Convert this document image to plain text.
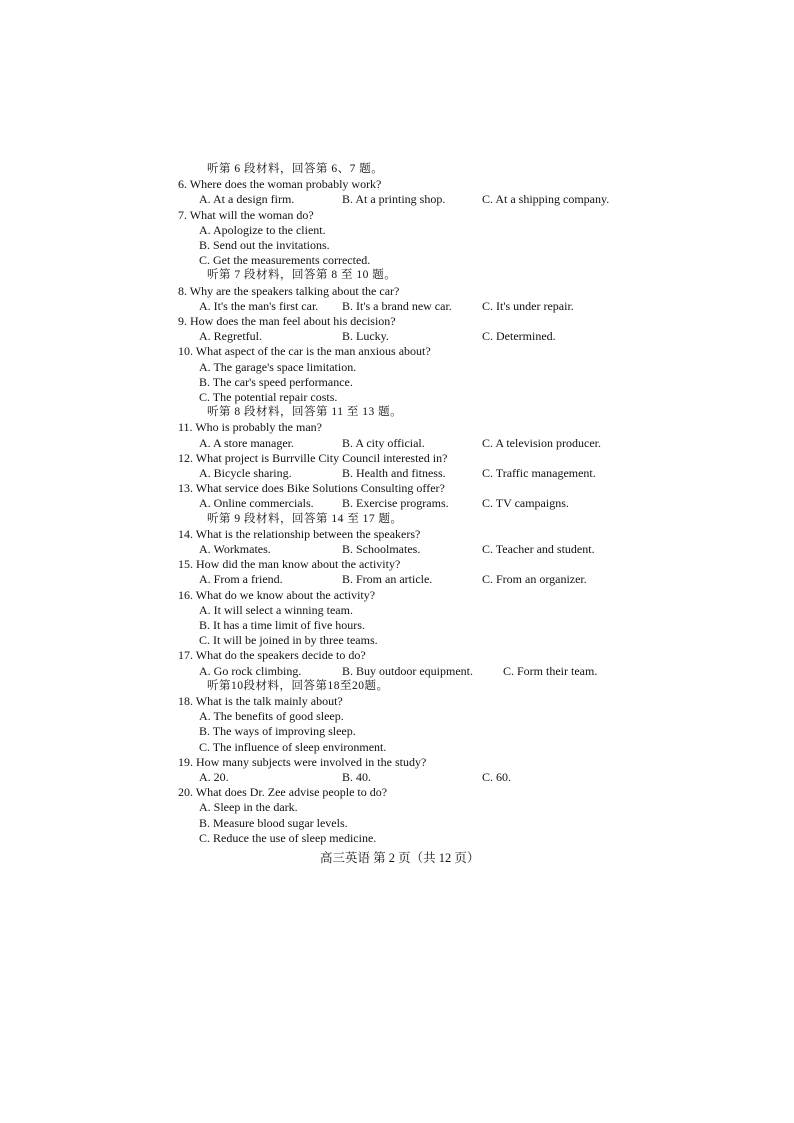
听第 6 段材料，回答第 6、7 题。
6. Where does the woman probably work?
A. At a design firm.	B. At a printing shop.	C. At a shipping company.
7. What will the woman do?
A. Apologize to the client.
B. Send out the invitations.
C. Get the measurements corrected.
听第 7 段材料，回答第 8 至 10 题。
8. Why are the speakers talking about the car?
A. It's the man's first car. B. It's a brand new car.	C. It's under repair.
9. How does the man feel about his decision?
A. Regretful.	B. Lucky.	C. Determined.
10. What aspect of the car is the man anxious about?
A. The garage's space limitation.
B. The car's speed performance.
C. The potential repair costs.
听第 8 段材料，回答第 11 至 13 题。
11. Who is probably the man?
A. A store manager.	B. A city official.	C. A television producer.
12. What project is Burrville City Council interested in?
A. Bicycle sharing.	B. Health and fitness.	C. Traffic management.
13. What service does Bike Solutions Consulting offer?
A. Online commercials. B. Exercise programs.	C. TV campaigns.
听第 9 段材料，回答第 14 至 17 题。
14. What is the relationship between the speakers?
A. Workmates.	B. Schoolmates.	C. Teacher and student.
15. How did the man know about the activity?
A. From a friend.	B. From an article.	C. From an organizer.
16. What do we know about the activity?
A. It will select a winning team.
B. It has a time limit of five hours.
C. It will be joined in by three teams.
17. What do the speakers decide to do?
A. Go rock climbing.	B. Buy outdoor equipment.	C. Form their team.
听第10段材料，回答第18至20题。
18. What is the talk mainly about?
A. The benefits of good sleep.
B. The ways of improving sleep.
C. The influence of sleep environment.
19. How many subjects were involved in the study?
A. 20.	B. 40.	C. 60.
20. What does Dr. Zee advise people to do?
A. Sleep in the dark.
B. Measure blood sugar levels.
C. Reduce the use of sleep medicine.
高三英语 第 2 页（共 12 页）
